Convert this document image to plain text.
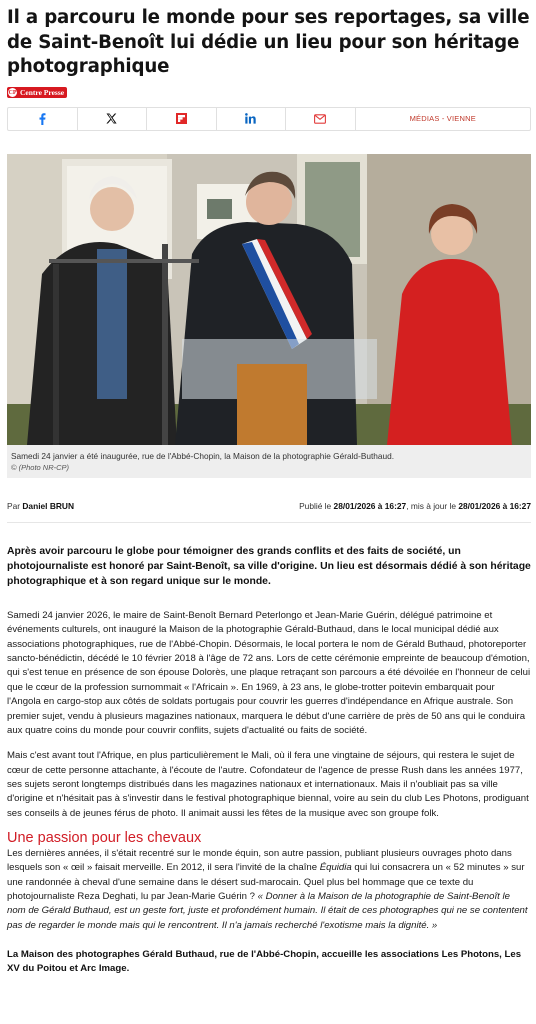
Il a parcouru le monde pour ses reportages, sa ville de Saint-Benoît lui dédie un lieu pour son héritage photographique
CP Centre Presse
MÉDIAS - VIENNE
Samedi 24 janvier a été inaugurée, rue de l'Abbé-Chopin, la Maison de la photographie Gérald-Buthaud.
© (Photo NR-CP)
Par Daniel BRUN	Publié le 28/01/2026 à 16:27, mis à jour le 28/01/2026 à 16:27

Après avoir parcouru le globe pour témoigner des grands conflits et des faits de société, un photojournaliste est honoré par Saint-Benoît, sa ville d'origine. Un lieu est désormais dédié à son héritage photographique et à son regard unique sur le monde.

Samedi 24 janvier 2026, le maire de Saint-Benoît Bernard Peterlongo et Jean-Marie Guérin, délégué patrimoine et événements culturels, ont inauguré la Maison de la photographie Gérald-Buthaud, dans le local municipal dédié aux associations photographiques, rue de l'Abbé-Chopin. Désormais, le local portera le nom de Gérald Buthaud, photoreporter sancto-bénédictin, décédé le 10 février 2018 à l'âge de 72 ans. Lors de cette cérémonie empreinte de beaucoup d'émotion, qui s'est tenue en présence de son épouse Dolorès, une plaque retraçant son parcours a été dévoilée en l'honneur de celui que le cœur de la profession surnommait « l'Africain ». En 1969, à 23 ans, le globe-trotter poitevin embarquait pour l'Angola en cargo-stop aux côtés de soldats portugais pour couvrir les guerres d'indépendance en Afrique australe. Son premier sujet, vendu à plusieurs magazines nationaux, marquera le début d'une carrière de près de 50 ans qui le conduira aux quatre coins du monde pour couvrir conflits, sujets d'actualité ou faits de société.

Mais c'est avant tout l'Afrique, en plus particulièrement le Mali, où il fera une vingtaine de séjours, qui restera le sujet de cœur de cette personne attachante, à l'écoute de l'autre. Cofondateur de l'agence de presse Rush dans les années 1977, ses sujets seront longtemps distribués dans les magazines nationaux et internationaux. Mais il n'oubliait pas sa ville d'origine et n'hésitait pas à s'investir dans le festival photographique biennal, voire au sein du club Les Photons, prodiguant ses conseils à de jeunes férus de photo. Il animait aussi les fêtes de la musique avec son groupe folk.

Une passion pour les chevaux

Les dernières années, il s'était recentré sur le monde équin, son autre passion, publiant plusieurs ouvrages photo dans lesquels son « œil » faisait merveille. En 2012, il sera l'invité de la chaîne Équidia qui lui consacrera un « 52 minutes » sur une randonnée à cheval d'une semaine dans le désert sud-marocain. Quel plus bel hommage que ce texte du photojournaliste Reza Deghati, lu par Jean-Marie Guérin ? « Donner à la Maison de la photographie de Saint-Benoît le nom de Gérald Buthaud, est un geste fort, juste et profondément humain. Il était de ces photographes qui ne se contentent pas de regarder le monde mais qui le rencontrent. Il n'a jamais recherché l'exotisme mais la dignité. »

La Maison des photographes Gérald Buthaud, rue de l'Abbé-Chopin, accueille les associations Les Photons, Les XV du Poitou et Arc Image.
